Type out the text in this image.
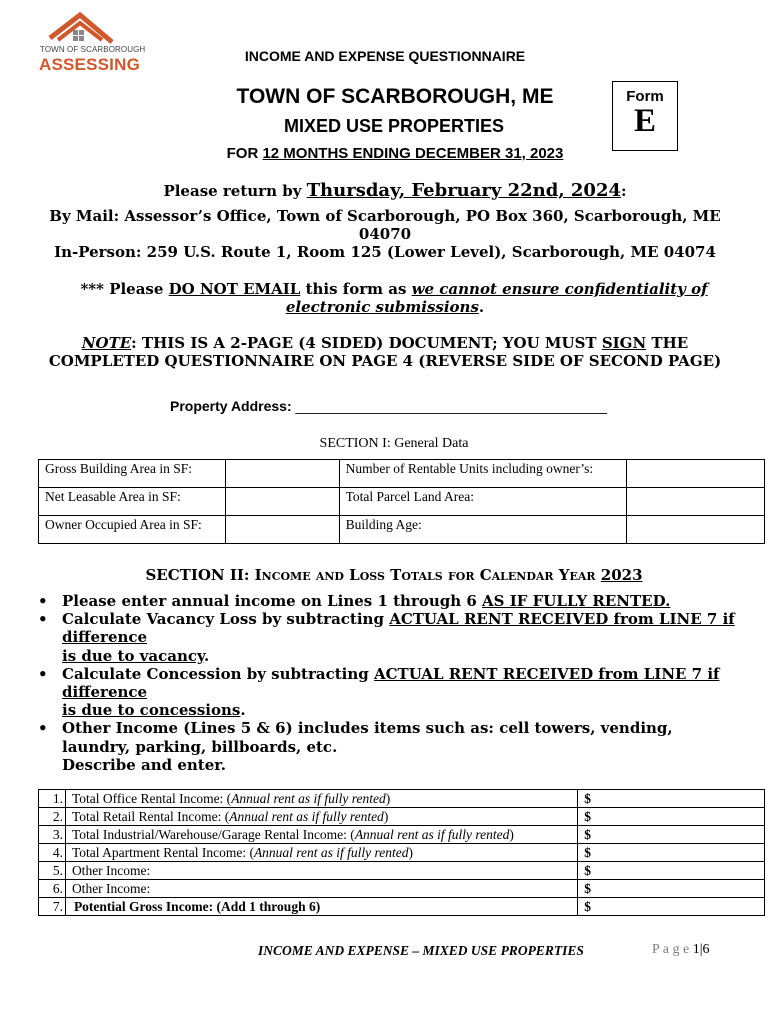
TOWN OF SCARBOROUGH
ASSESSING	INCOME AND EXPENSE QUESTIONNAIRE
TOWN OF SCARBOROUGH, ME
MIXED USE PROPERTIES
FOR 12 MONTHS ENDING DECEMBER 31, 2023
Form
E
Please return by Thursday, February 22nd, 2024:
By Mail: Assessor’s Office, Town of Scarborough, PO Box 360, Scarborough, ME
04070
In-Person: 259 U.S. Route 1, Room 125 (Lower Level), Scarborough, ME 04074
*** Please DO NOT EMAIL this form as we cannot ensure confidentiality of
electronic submissions.
NOTE: THIS IS A 2-PAGE (4 SIDED) DOCUMENT; YOU MUST SIGN THE
COMPLETED QUESTIONNAIRE ON PAGE 4 (REVERSE SIDE OF SECOND PAGE)
Property Address: ________________________________________
SECTION I: General Data
Gross Building Area in SF:		Number of Rentable Units including owner’s:	

Net Leasable Area in SF:		Total Parcel Land Area:	

Owner Occupied Area in SF:		Building Age:	

SECTION II: Income and Loss Totals for Calendar Year 2023
• Please enter annual income on Lines 1 through 6 AS IF FULLY RENTED.
• Calculate Vacancy Loss by subtracting ACTUAL RENT RECEIVED from LINE 7 if
difference
is due to vacancy.
• Calculate Concession by subtracting ACTUAL RENT RECEIVED from LINE 7 if
difference
is due to concessions.
• Other Income (Lines 5 & 6) includes items such as: cell towers, vending,
laundry, parking, billboards, etc.
Describe and enter.
1.	Total Office Rental Income: (Annual rent as if fully rented)	$
2.	Total Retail Rental Income: (Annual rent as if fully rented)	$
3.	Total Industrial/Warehouse/Garage Rental Income: (Annual rent as if fully rented)	$
4.	Total Apartment Rental Income: (Annual rent as if fully rented)	$
5.	Other Income:	$
6.	Other Income:	$
7.	Potential Gross Income: (Add 1 through 6)	$
INCOME AND EXPENSE – MIXED USE PROPERTIES	P a g e 1|6
